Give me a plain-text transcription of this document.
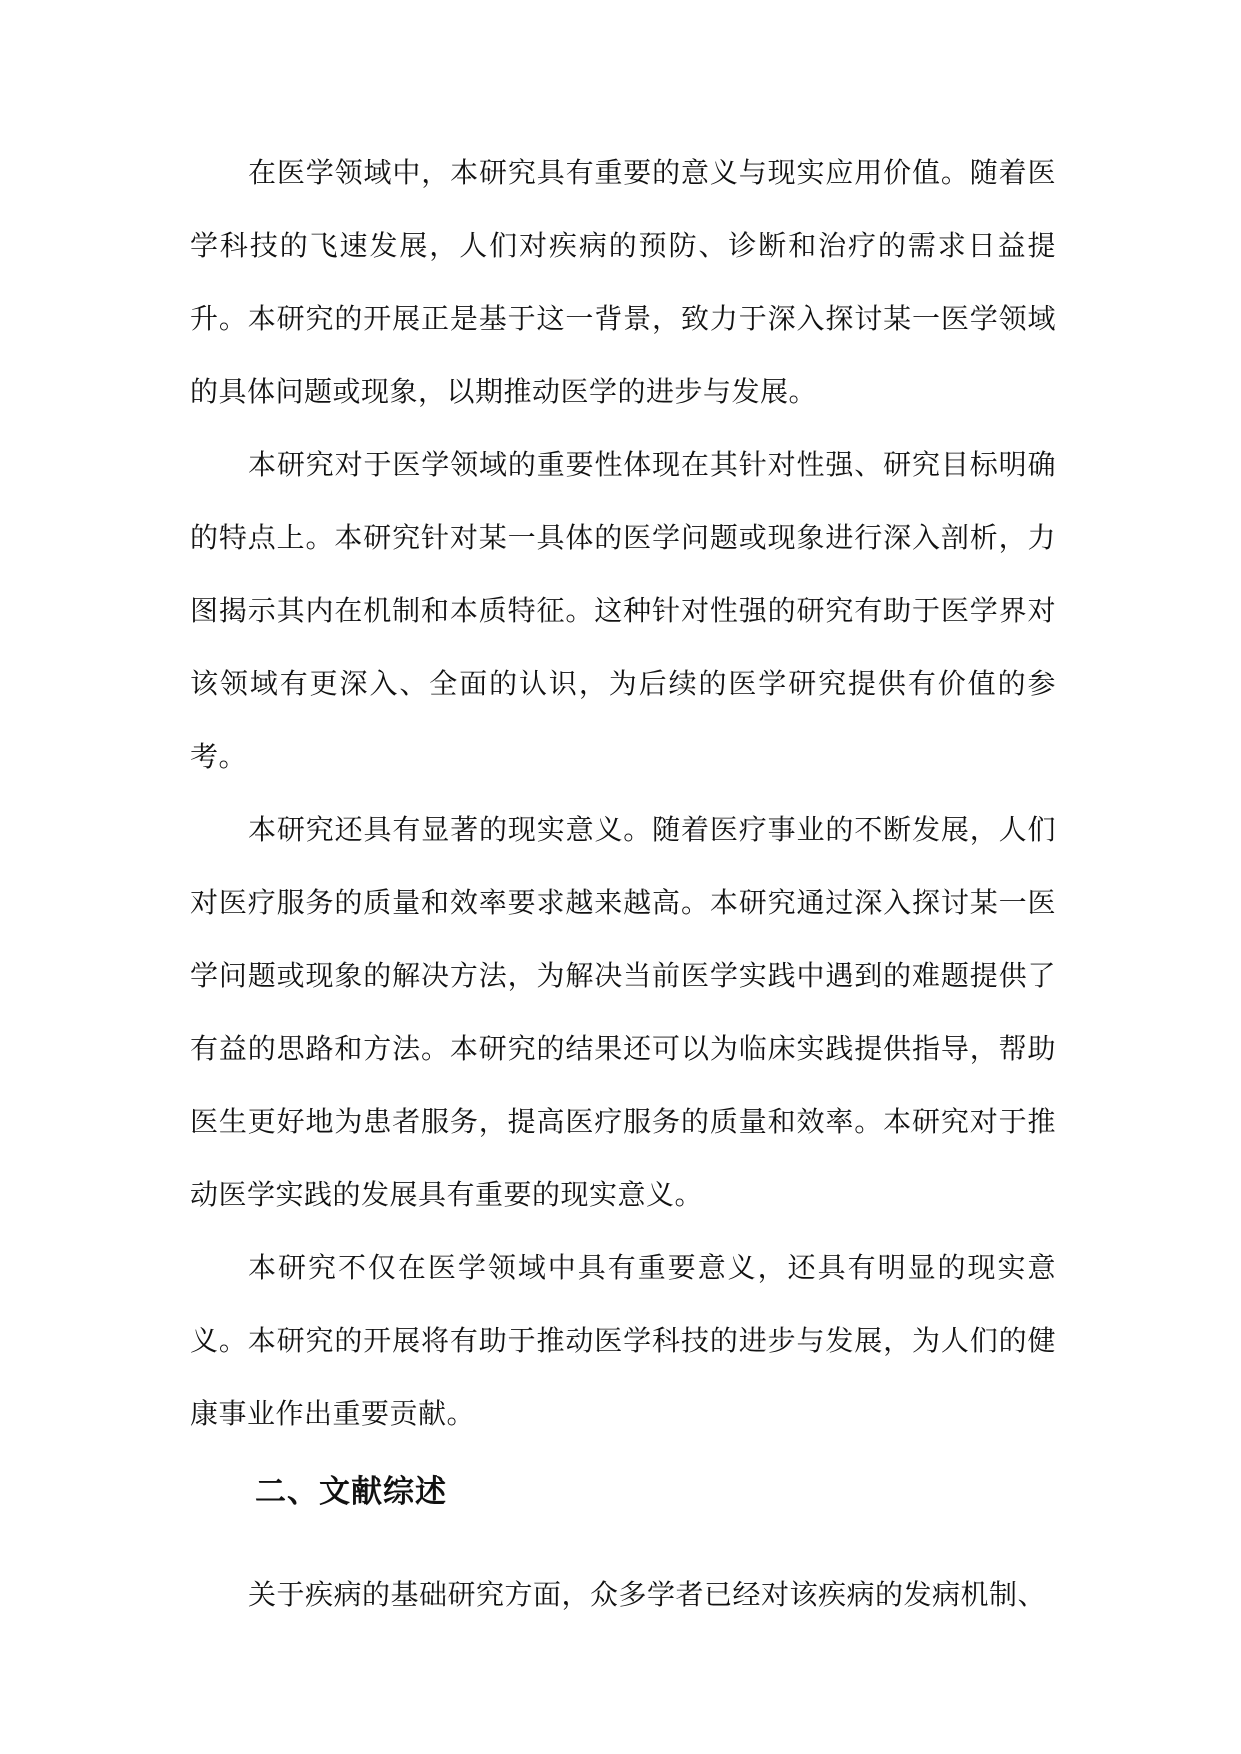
在医学领域中，本研究具有重要的意义与现实应用价值。随着医学科技的飞速发展，人们对疾病的预防、诊断和治疗的需求日益提升。本研究的开展正是基于这一背景，致力于深入探讨某一医学领域的具体问题或现象，以期推动医学的进步与发展。

本研究对于医学领域的重要性体现在其针对性强、研究目标明确的特点上。本研究针对某一具体的医学问题或现象进行深入剖析，力图揭示其内在机制和本质特征。这种针对性强的研究有助于医学界对该领域有更深入、全面的认识，为后续的医学研究提供有价值的参考。

本研究还具有显著的现实意义。随着医疗事业的不断发展，人们对医疗服务的质量和效率要求越来越高。本研究通过深入探讨某一医学问题或现象的解决方法，为解决当前医学实践中遇到的难题提供了有益的思路和方法。本研究的结果还可以为临床实践提供指导，帮助医生更好地为患者服务，提高医疗服务的质量和效率。本研究对于推动医学实践的发展具有重要的现实意义。

本研究不仅在医学领域中具有重要意义，还具有明显的现实意义。本研究的开展将有助于推动医学科技的进步与发展，为人们的健康事业作出重要贡献。

二、文献综述

关于疾病的基础研究方面，众多学者已经对该疾病的发病机制、
